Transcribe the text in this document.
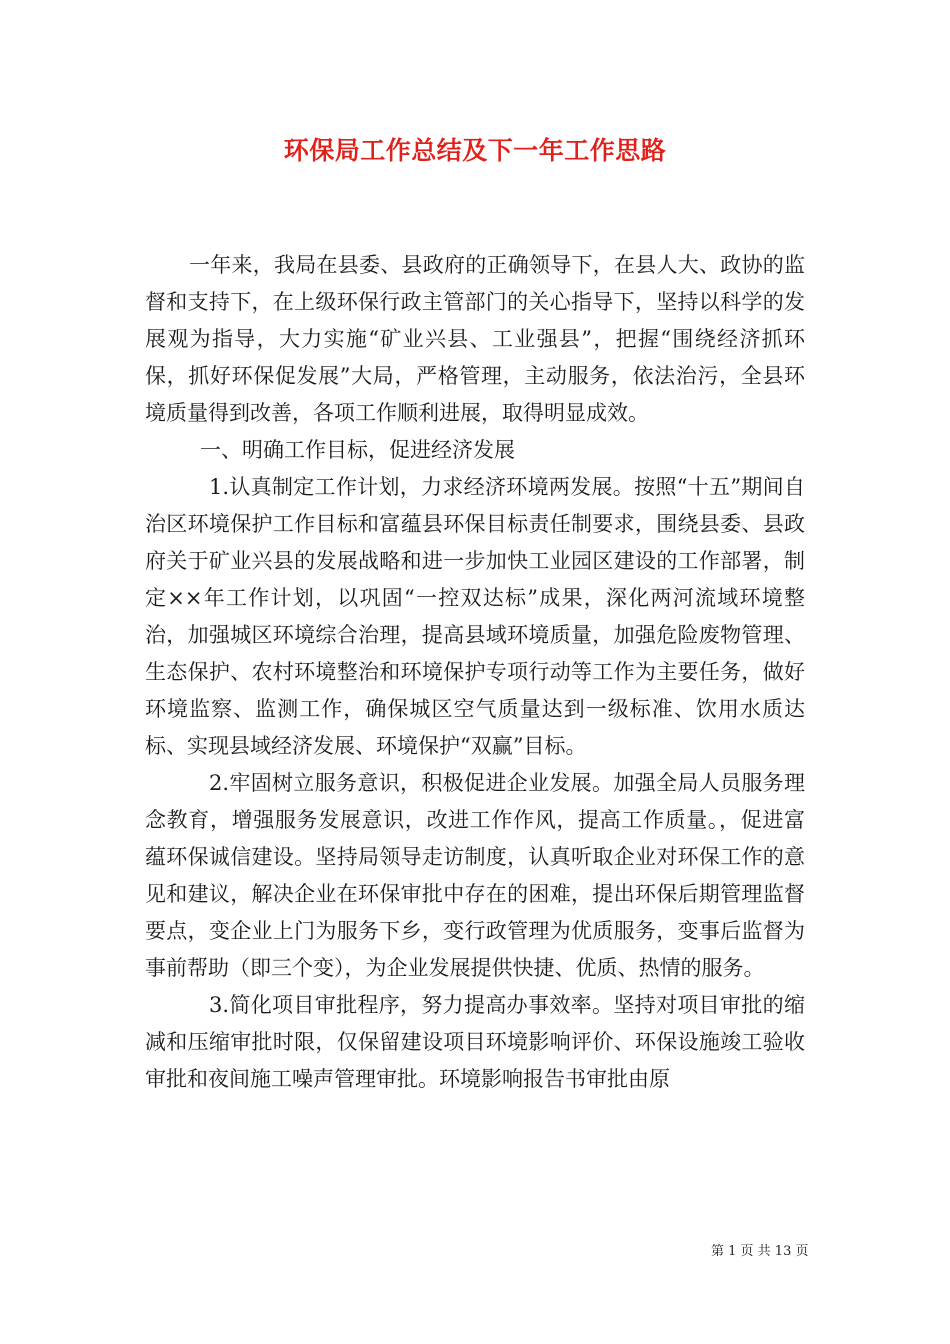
环保局工作总结及下一年工作思路

一年来，我局在县委、县政府的正确领导下，在县人大、政协的监督和支持下，在上级环保行政主管部门的关心指导下，坚持以科学的发展观为指导，大力实施“矿业兴县、工业强县”，把握“围绕经济抓环保，抓好环保促发展”大局，严格管理，主动服务，依法治污，全县环境质量得到改善，各项工作顺利进展，取得明显成效。

一、明确工作目标，促进经济发展

1.认真制定工作计划，力求经济环境两发展。按照“十五”期间自治区环境保护工作目标和富蕴县环保目标责任制要求，围绕县委、县政府关于矿业兴县的发展战略和进一步加快工业园区建设的工作部署，制定××年工作计划，以巩固“一控双达标”成果，深化两河流域环境整治，加强城区环境综合治理，提高县域环境质量，加强危险废物管理、生态保护、农村环境整治和环境保护专项行动等工作为主要任务，做好环境监察、监测工作，确保城区空气质量达到一级标准、饮用水质达标、实现县域经济发展、环境保护“双赢”目标。

2.牢固树立服务意识，积极促进企业发展。加强全局人员服务理念教育，增强服务发展意识，改进工作作风，提高工作质量。，促进富蕴环保诚信建设。坚持局领导走访制度，认真听取企业对环保工作的意见和建议，解决企业在环保审批中存在的困难，提出环保后期管理监督要点，变企业上门为服务下乡，变行政管理为优质服务，变事后监督为事前帮助（即三个变），为企业发展提供快捷、优质、热情的服务。

3.简化项目审批程序，努力提高办事效率。坚持对项目审批的缩减和压缩审批时限，仅保留建设项目环境影响评价、环保设施竣工验收审批和夜间施工噪声管理审批。环境影响报告书审批由原

第 1 页 共 13 页
